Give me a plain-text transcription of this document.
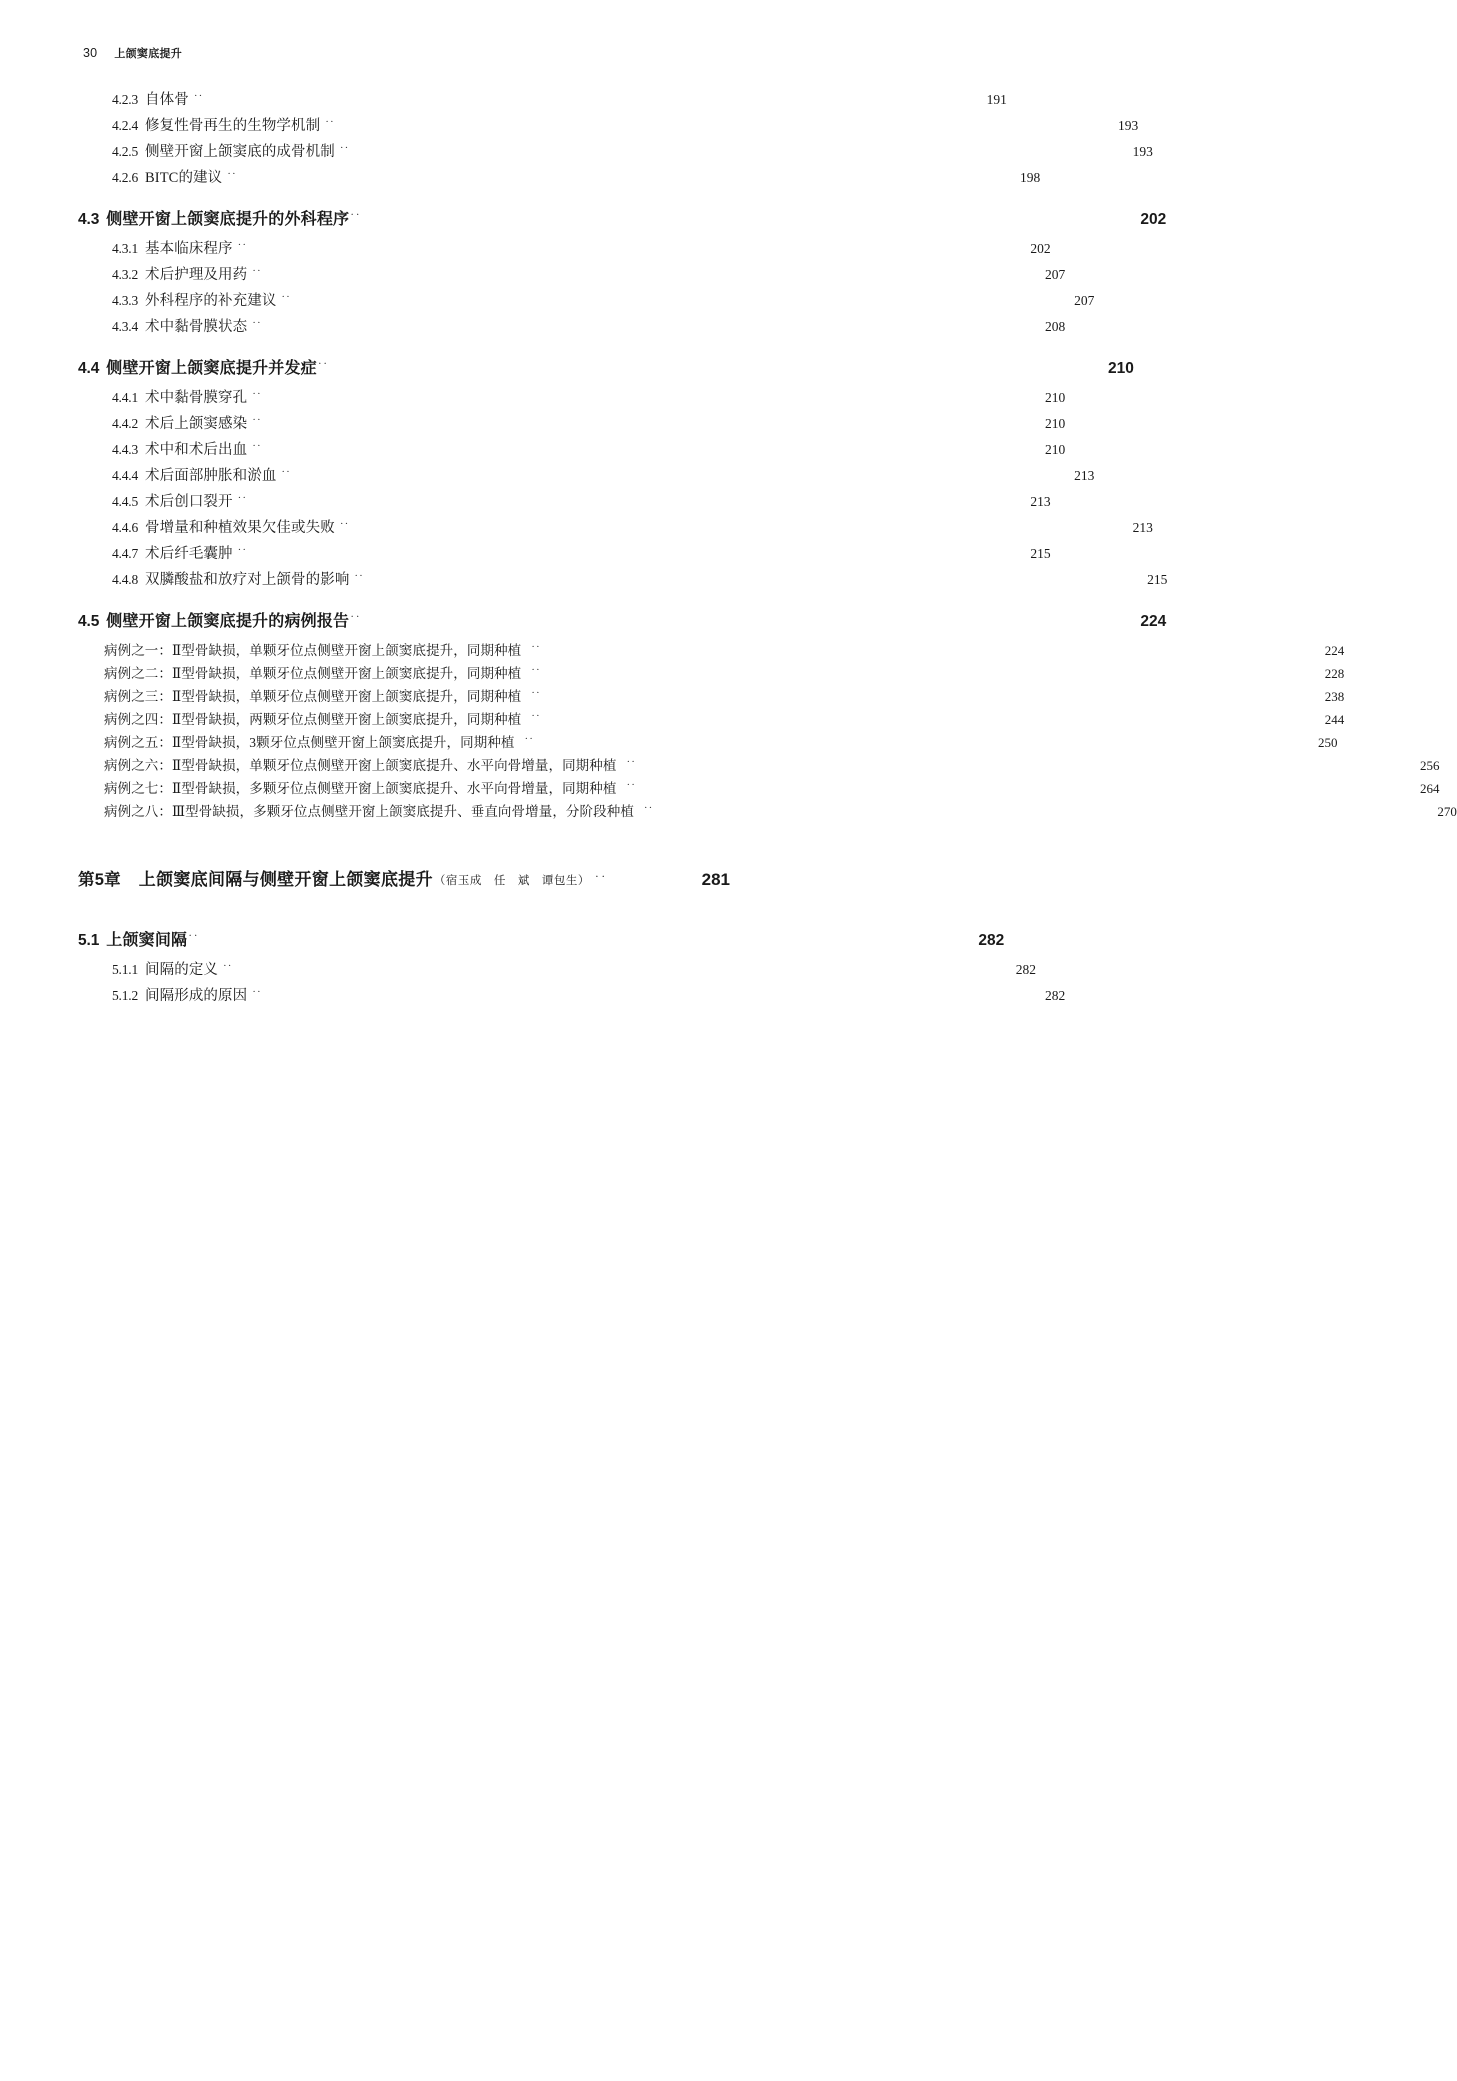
30 上颌窦底提升
4.2.3 自体骨 ·····	191
4.2.4 修复性骨再生的生物学机制 ·····	193
4.2.5 侧壁开窗上颌窦底的成骨机制 ·····	193
4.2.6 BITC的建议 ·····	198
4.3 侧壁开窗上颌窦底提升的外科程序 ·····	202
4.3.1 基本临床程序 ·····	202
4.3.2 术后护理及用药 ·····	207
4.3.3 外科程序的补充建议 ·····	207
4.3.4 术中黏骨膜状态 ·····	208
4.4 侧壁开窗上颌窦底提升并发症 ·····	210
4.4.1 术中黏骨膜穿孔 ·····	210
4.4.2 术后上颌窦感染 ·····	210
4.4.3 术中和术后出血 ·····	210
4.4.4 术后面部肿胀和淤血 ·····	213
4.4.5 术后创口裂开 ·····	213
4.4.6 骨增量和种植效果欠佳或失败 ·····	213
4.4.7 术后纤毛囊肿 ·····	215
4.4.8 双膦酸盐和放疗对上颌骨的影响 ·····	215
4.5 侧壁开窗上颌窦底提升的病例报告 ·····	224
病例之一：Ⅱ型骨缺损，单颗牙位点侧壁开窗上颌窦底提升，同期种植 ·····	224
病例之二：Ⅱ型骨缺损，单颗牙位点侧壁开窗上颌窦底提升，同期种植 ·····	228
病例之三：Ⅱ型骨缺损，单颗牙位点侧壁开窗上颌窦底提升，同期种植 ·····	238
病例之四：Ⅱ型骨缺损，两颗牙位点侧壁开窗上颌窦底提升，同期种植 ·····	244
病例之五：Ⅱ型骨缺损，3颗牙位点侧壁开窗上颌窦底提升，同期种植 ·····	250
病例之六：Ⅱ型骨缺损，单颗牙位点侧壁开窗上颌窦底提升、水平向骨增量，同期种植 ·····	256
病例之七：Ⅱ型骨缺损，多颗牙位点侧壁开窗上颌窦底提升、水平向骨增量，同期种植 ·····	264
病例之八：Ⅲ型骨缺损，多颗牙位点侧壁开窗上颌窦底提升、垂直向骨增量，分阶段种植 ·····	270
第5章 上颌窦底间隔与侧壁开窗上颌窦底提升 （宿玉成　任　斌　谭包生） ·····	281
5.1 上颌窦间隔 ·····	282
5.1.1 间隔的定义 ·····	282
5.1.2 间隔形成的原因 ·····	282
